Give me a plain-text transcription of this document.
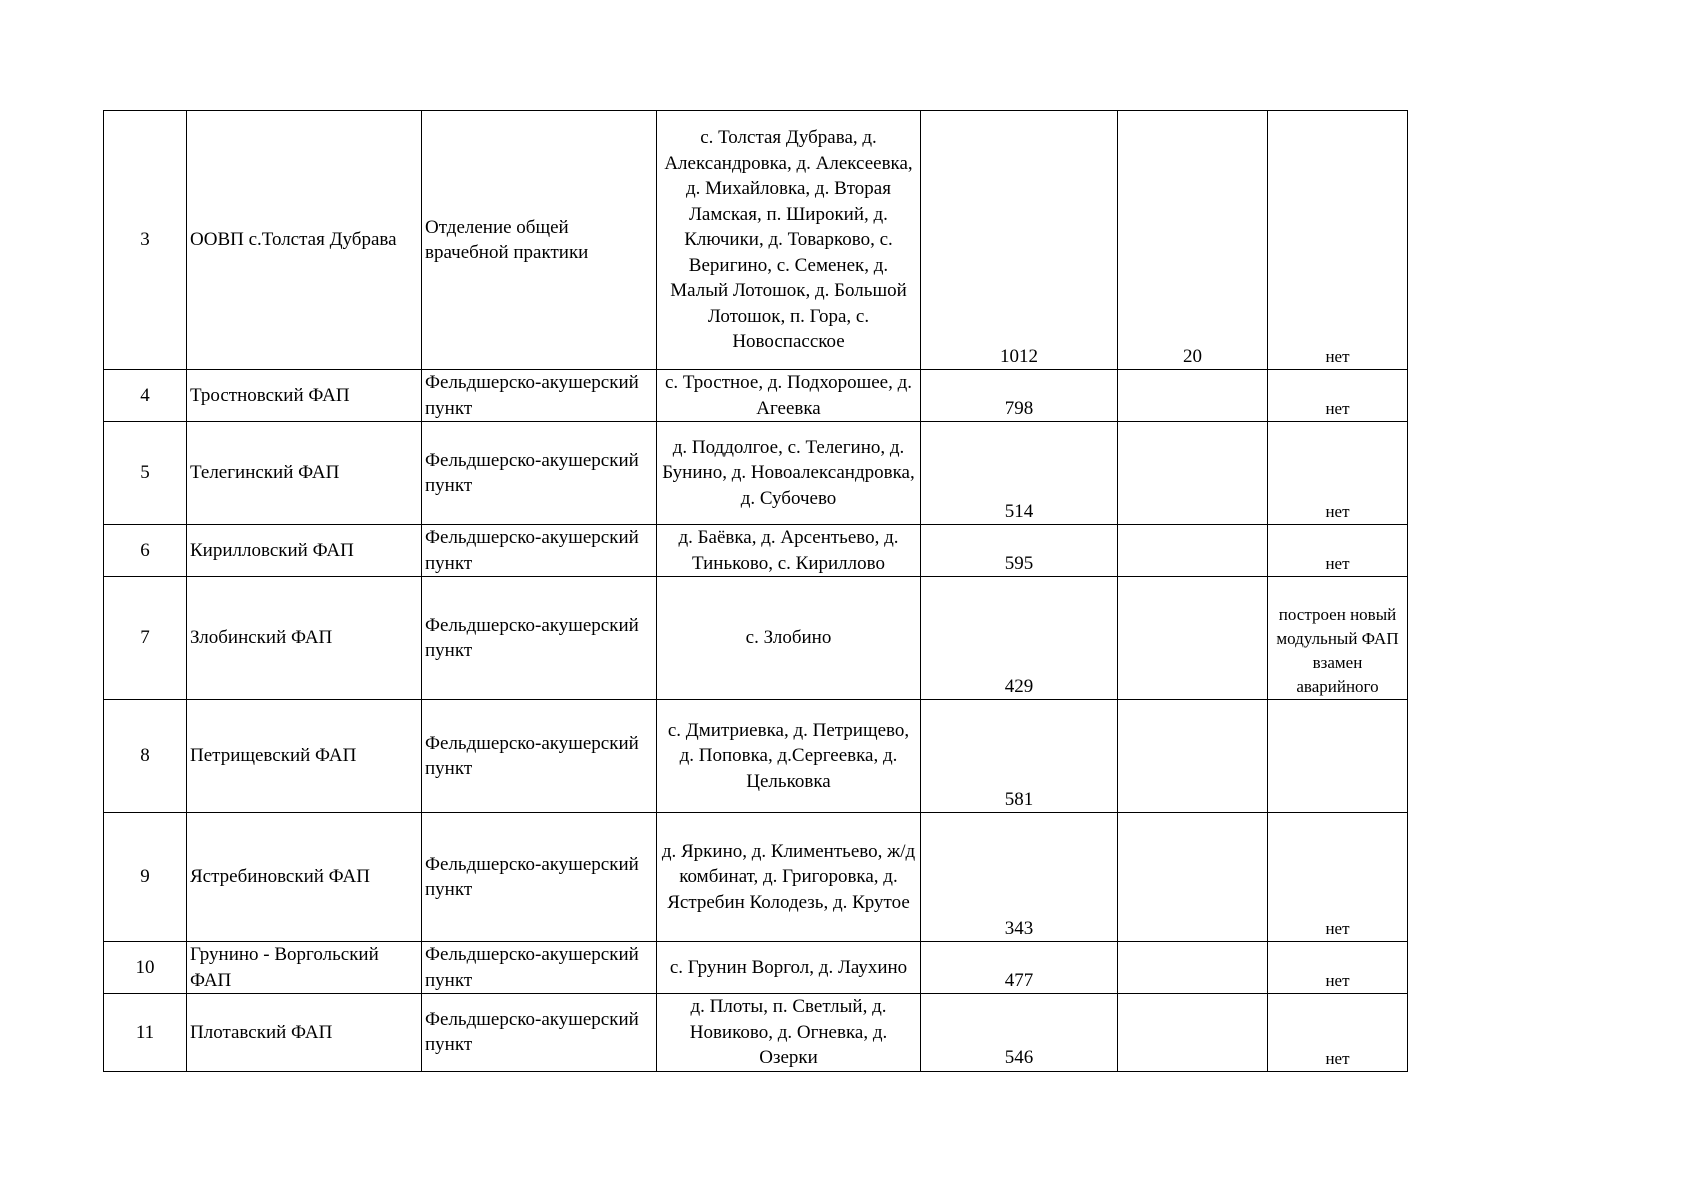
3	ООВП с.Толстая Дубрава	Отделение общей врачебной практики	с. Толстая Дубрава, д. Александровка, д. Алексеевка, д. Михайловка, д. Вторая Ламская, п. Широкий, д. Ключики, д. Товарково, с. Веригино, с. Семенек, д. Малый Лотошок, д. Большой Лотошок, п. Гора, с. Новоспасское	1012	20	нет
4	Тростновский ФАП	Фельдшерско-акушерский пункт	с. Тростное, д. Подхорошее, д. Агеевка	798		нет
5	Телегинский ФАП	Фельдшерско-акушерский пункт	д. Поддолгое, с. Телегино, д. Бунино, д. Новоалександровка, д. Субочево	514		нет
6	Кирилловский ФАП	Фельдшерско-акушерский пункт	д. Баёвка, д. Арсентьево, д. Тиньково, с. Кириллово	595		нет
7	Злобинский ФАП	Фельдшерско-акушерский пункт	с. Злобино	429		построен новый модульный ФАП взамен аварийного
8	Петрищевский ФАП	Фельдшерско-акушерский пункт	с. Дмитриевка, д. Петрищево, д. Поповка, д.Сергеевка, д. Цельковка	581		
9	Ястребиновский ФАП	Фельдшерско-акушерский пункт	д. Яркино, д. Климентьево, ж/д комбинат, д. Григоровка, д. Ястребин Колодезь, д. Крутое	343		нет
10	Грунино - Воргольский ФАП	Фельдшерско-акушерский пункт	с. Грунин Воргол, д. Лаухино	477		нет
11	Плотавский ФАП	Фельдшерско-акушерский пункт	д. Плоты, п. Светлый, д. Новиково, д. Огневка, д. Озерки	546		нет
